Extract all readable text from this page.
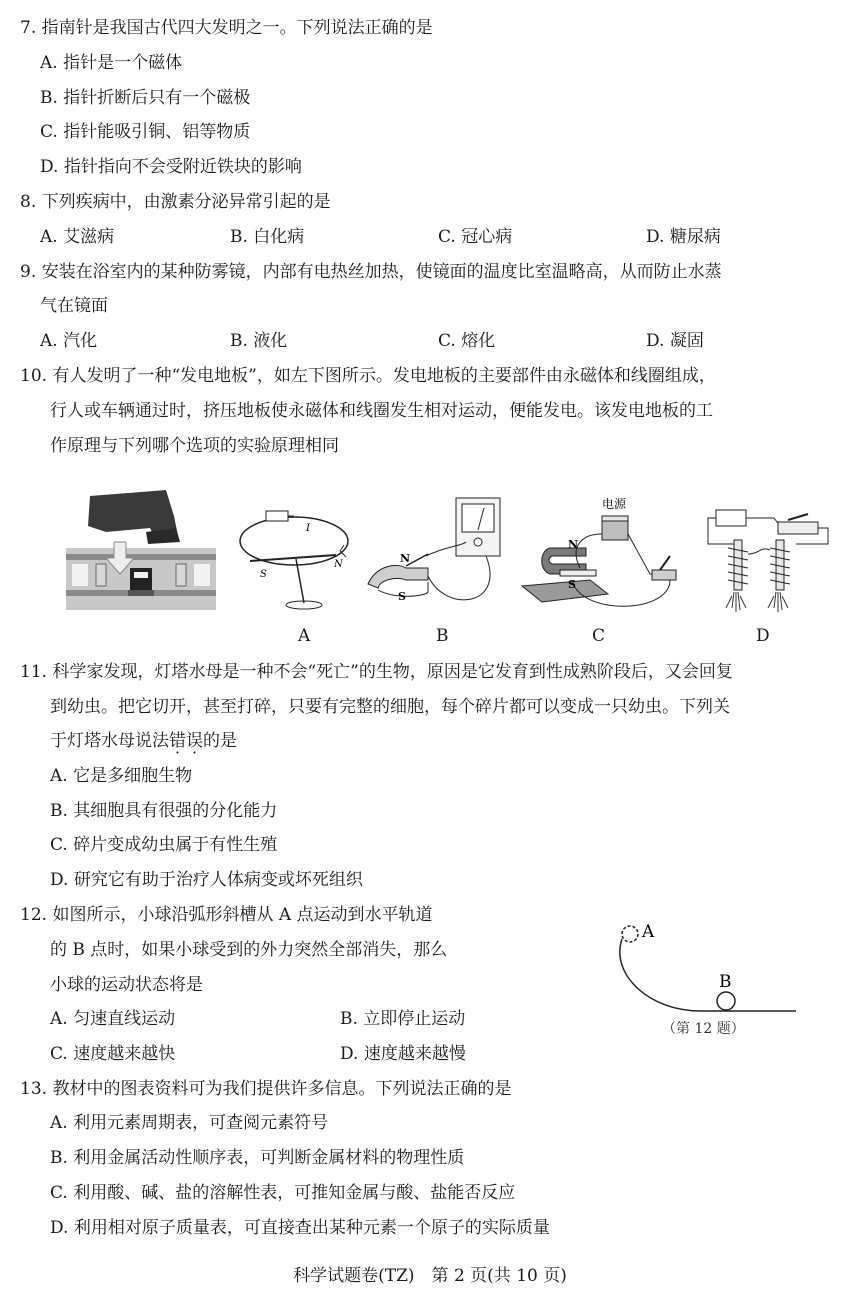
7. 指南针是我国古代四大发明之一。下列说法正确的是
A. 指针是一个磁体
B. 指针折断后只有一个磁极
C. 指针能吸引铜、铝等物质
D. 指针指向不会受附近铁块的影响
8. 下列疾病中，由激素分泌异常引起的是
A. 艾滋病	B. 白化病	C. 冠心病	D. 糖尿病
9. 安装在浴室内的某种防雾镜，内部有电热丝加热，使镜面的温度比室温略高，从而防止水蒸
气在镜面
A. 汽化	B. 液化	C. 熔化	D. 凝固
10. 有人发明了一种“发电地板”，如左下图所示。发电地板的主要部件由永磁体和线圈组成，
行人或车辆通过时，挤压地板使永磁体和线圈发生相对运动，便能发电。该发电地板的工
作原理与下列哪个选项的实验原理相同
S
N
I
N
S
电源
N
S
A	B	C	D
11. 科学家发现，灯塔水母是一种不会“死亡”的生物，原因是它发育到性成熟阶段后，又会回复
到幼虫。把它切开，甚至打碎，只要有完整的细胞，每个碎片都可以变成一只幼虫。下列关
于灯塔水母说法错误的是
A. 它是多细胞生物
B. 其细胞具有很强的分化能力
C. 碎片变成幼虫属于有性生殖
D. 研究它有助于治疗人体病变或坏死组织
12. 如图所示，小球沿弧形斜槽从 A 点运动到水平轨道
的 B 点时，如果小球受到的外力突然全部消失，那么
小球的运动状态将是
A. 匀速直线运动	B. 立即停止运动
C. 速度越来越快	D. 速度越来越慢
A
B
（第 12 题）
13. 教材中的图表资料可为我们提供许多信息。下列说法正确的是
A. 利用元素周期表，可查阅元素符号
B. 利用金属活动性顺序表，可判断金属材料的物理性质
C. 利用酸、碱、盐的溶解性表，可推知金属与酸、盐能否反应
D. 利用相对原子质量表，可直接查出某种元素一个原子的实际质量
科学试题卷(TZ)　第 2 页(共 10 页)
